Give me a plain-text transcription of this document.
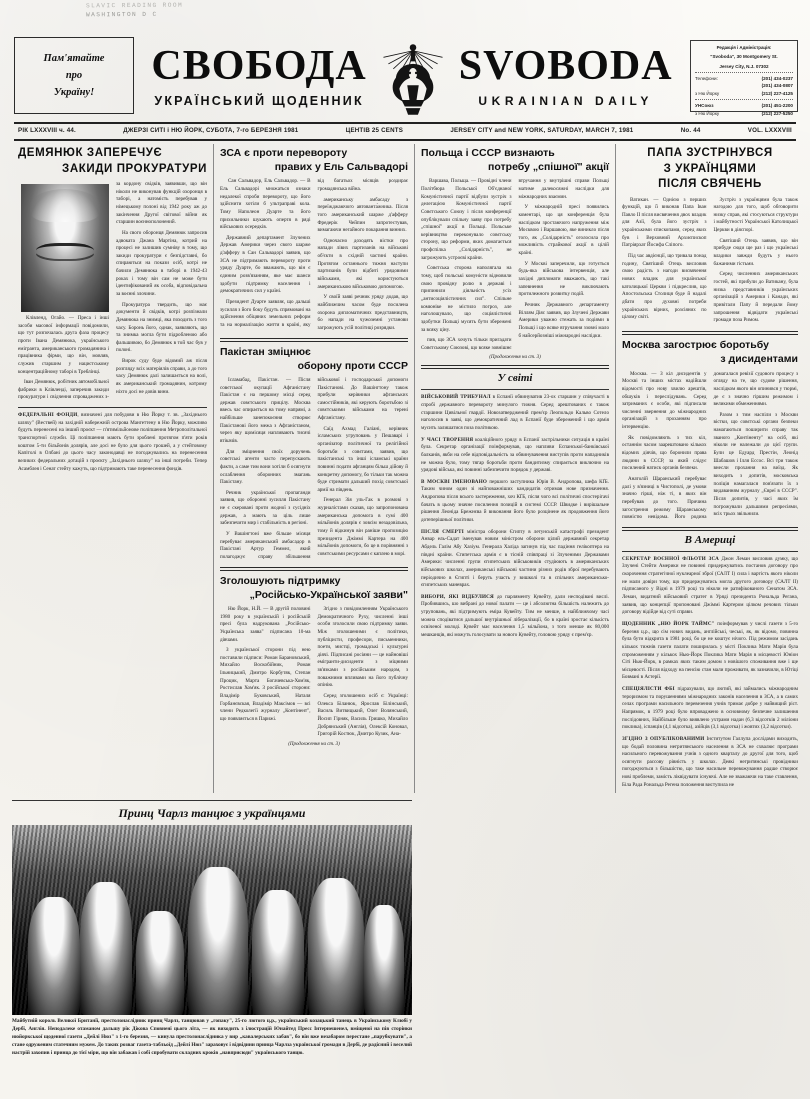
SLAVIC READING ROOM
WASHINGTON D C
Пам'ятайте
про
Україну!
СВОБОДА
УКРАЇНСЬКИЙ ЩОДЕННИК
SVOBODA
UKRAINIAN DAILY
Редакція і Адміністрація:
"Svoboda", 30 Montgomery St.
Jersey City, N.J. 07302
Телефони:	(201) 434-0237
(201) 434-0807
з Ню Йорку	(212) 227-4125
УНСоюз	(201) 451-2200
з Ню Йорку	(212) 227-5250
РІК LXXXVIII ч. 44.	ДЖЕРЗІ СИТІ і НЮ ЙОРК, СУБОТА, 7-го БЕРЕЗНЯ 1981	ЦЕНТІВ 25 CENTS	JERSEY CITY and NEW YORK, SATURDAY, MARCH 7, 1981	No. 44	VOL. LXXXVIII
ДЕМЯНЮК ЗАПЕРЕЧУЄ
ЗАКИДИ ПРОКУРАТУРИ

Клівленд, Огайо. — Преса і інші засоби масової інформації повідомили, що тут розпочалась друга фаза процесу проти Івана Демянюка, українського емігранта, американського громадянина і працівника фірми, що він, мовляв, служив старшим у нацистському концентраційному таборі в Треблінці.

Іван Демянюк, робітник автомобільної фабрики в Клівленді, заперечив закиди прокуратури і свідчення спроваджених з-за кордону свідків, заявивши, що він ніколи не виконував функцій охоронця в таборі, а натомість перебував у німецькому полоні від 1942 року аж до закінчення Другої світової війни як старшин воєннополонений.

На свого оборонця Демянюк запросив адвоката Джана Мартіна, котрий на процесі не залишив сумніву в тому, що закиди прокуратури є безпідставні, бо спираються на покази осіб, котрі не бачили Демянюка в таборі в 1942-43 роках і тому він сам не може бути ідентифікований як особа, відповідальна за воєнні злочини.

Прокуратура твердить, що має документи й свідків, котрі розпізнали Демянюка на знимці, яка походить з того часу. Боронь його, однак, заявляють, що та знимка могла бути підробленою або фальшивою, бо Демянюк в той час був у полоні.

Вирок суду буде відомий аж після розгляду всіх матеріялів справи, а до того часу Демянюк далі залишається на волі, як американський громадянин, котрому ніхто досі не довів вини.

ФЕДЕРАЛЬНІ ФОНДИ, визначені для побудови в Ню Йорку т. зв. „Західнього шляху" (Вествей) на західній набережній острова Мангеттену в Ню Йорку, можливо будуть перенесені на інший проєкт — п'ятимільйонове поліпшення Метрополітальної транспортної служби. Ці поліпшення мають бути зроблені протягом п'яти років коштом 5-ти більйонів долярів, але досі не було для цього грошей, а у стейтовому Капітолі в Олбані до цього часу законодавці не погоджувались на перенесення великих федеральних дотацій з проєкту „Західнього шляху" на інші потреби. Тепер Асамблея і Сенат стейту кажуть, що підтримають таке перенесення фондів.
ЗСА є проти перевороту
правих у Ель Сальвадорі

Сан Сальвадор, Ель Сальвадор. — В Ель Сальвадорі множаться ознаки недалекої спроби перевороту, що його здійснити хотіли б ультраправі кола. Тому Наполеон Дуарте та його прихильники шукають опертя в ряді військових осередків.

Державний департамент Злучених Держав Америки через свого шарже д'афферу в Сан Сальвадорі заявив, що ЗСА не підтримають перевороту проти уряду Дуарте, бо вважають, що він є єдиним розв'язанням, яке має шанси здобути підтримку населення і демократичних сил у країні.

Президент Дуарте заявляє, що дальші зусилля з його боку будуть спрямовані на здійснення обіцяних земельних реформ та на нормалізацію життя в країні, яку від багатьох місяців роздирає громадянська війна.

американську амбасаду з переїжджаючого автованта́жника. Після того американський шарже д'афферу Фредерік Чейпин запротестував, вимагаючи негайного покарання винних.

Одночасно доходять вістки про напади лівих партизанів на військові об'єкти в східній частині країни. Протягом останнього тижня наступи партизанів були відбиті урядовими військами, які користуються американською військовою допомогою.

У своїй заяві речник уряду додав, що найближчим часом буде посилена охорона дипломатичних представництв, бо напади на чужоземні установи загрожують усій політиці розрядки.

Пакістан зміцнює
оборону проти СССР

Ісламабад, Пакістан. — Після совєтської окупації Афганістану Пакістан є на першому місці серед держав совєтського прицілу. Москва ввесь час опирається на тому напрямі, а найбільше занепокоєння створює Пакістанові його межа з Афганістаном, через яку щомісяця напливають тисячі втікачів.

Для зміцнення своїх доручень совєтські агенти часто перепускають факти, а саме тим вони хотіли б осягнути ослаблення оборонних змагань Пакістану.

Речник української пропаганди заявив, що оборонні зусилля Пакістану не є скеровані проти жодної з сусідніх держав, а мають за ціль лише забезпечити мир і стабільність в регіоні.

У Вашінгтоні вже більше місяця перебуває американський амбасадор в Пакістані Артур Геммел, який полагоджує справу збільшення військової і господарської допомоги Пакістанові. До Вашінгтону також прибули керівники афганських самостійників, які керують боротьбою зі совєтськими військами на терені Афганістану.

Саїд Ахмад Галіані, керівник ісламських угруповань у Пешаварі і організатор політичної та релігійної боротьби з совєтами, заявив, що пакістанські та інші ісламські країни повинні подати афганцям більш дійову й конкретну допомогу, бо тільки так можна буде стримати дальший похід совєтської армії на південь.

Генерал Зія уль-Гак в розмові з журналістами сказав, що запропонована американська допомога в сумі 400 мільйонів долярів є зовсім незадовільна, тому й відкинув він раніше пропозицію президента Джіммі Картера на 400 мільйонів допомоги, бо це в порівнянні з совєтськими ресурсами є каплею в морі.

Зголошують підтримку
„Російсько-Української заяви"

Ню Йорк, Н.Й. — В другій половині 1980 року в українській і російській пресі була надрукована „Російсько-Українська заява" підписана 10-ма дівчами.

З української сторони під нею поставили підписи: Роман Барановський, Михайло Воскобійник, Роман Ільницький, Дмитро Корбутяк, Степан Процик, Марта Богачевська-Хом'як, Ростислав Хом'як. З російської сторони: Владімір Буковський, Наталя Горбанєвская, Владімір Максімов — всі члени Редколегії журналу „Контінент", що появляється в Парижі.

Згідно з повідомленням Українського Демократичного Руху, численні інші особи зголосили свою підтримку заяви. Між зголошеними є політики, публіцисти, професори, письменники, поети, мистці, громадські і культурні діячі. Підписані росіяни — це найновіші емігранти-дисиденти з міцними зв'язками з російським народом, з поважними впливами на його публічну опінію.

Серед зголошених осіб є: Українці: Олекса Біланюк, Ярослав Білінський, Василь Витвицький, Олег Волянський, Йосип Гірняк, Василь Гришко, Михайло Добрянський (Англія), Олексій Коновал, Григорій Костюк, Дмитро Кузик, Ана-

(Продовження на ст. 3)
Польща і СССР визнають
потребу „спішної" акції

Варшава, Польща. — Провідні члени Політбюра Польської Об'єднаної Комуністичної партії відбули зустріч з делегацією Комуністичної партії Совєтського Союзу і після конференції опублікували спільну заяву про потребу „спішної" акції в Польщі. Польське керівництво переконувало совєтську сторону, що реформи, яких домагається профспілка „Солідарність", не загрожують устроєві країни.

Совєтська сторона наполягала на тому, щоб польські комуністи відновили свою провідну ролю в державі і припинили діяльність усіх „антисоціялістичних сил". Спільне комюніке не містило погроз, але наголошувало, що соціялістичні здобутки Польщі мусять бути збережені за всяку ціну.

пив, що ЗСА хочуть тільки пригадати Совєтському Союзові, що всяке зовнішнє втручання у внутрішні справи Польщі матиме далекосяжні наслідки для міжнародних взаємин.

У міжнародній пресі появились коментарі, що ця конференція була наслідком зростаючого напруження між Москвою і Варшавою, яке виникло після того, як „Солідарність" оголосила про можливість страйкової акції в цілій країні.

У Москві заперечили, що готується будь-яка військова інтервенція, але західні дипломати вважають, що такі запевнення не виключають протилежного розвитку подій.

Речник Державного департаменту Віллям Діяс заявив, що Злучені Держави Америки уважно стежать за подіями в Польщі і що всяке втручання ззовні мало б найсерйозніші міжнародні наслідки.

(Продовження на ст. 3)
У світі
ВІЙСЬКОВИЙ ТРИБУНАЛ в Еспанії обвинуватив 23-ох старшин у співучасті в спробі державного перевороту минулого тижня. Серед арештованих є також старшини Цивільної гвардії. Новозатверджений прем'єр Леопольдо Кальво Сотело наголосив в заяві, що демократичний лад в Еспанії буде збережений і що армія мусить залишатися поза політикою.
У ЧАСІ ТВОРЕННЯ коаліційного уряду в Еспанії застрільники ситуація в країні була. Секретар організації поінформував, що напливи Еспанської-банківської балканів, якби на себе відповідальність за обвинувачення виступів проти нападників не можна було, тому тягар боротьби проти бандитизму спирається виключно на урядові війська, які повинні забезпечити порядок у державі.
В МОСКВІ ІМЕНОВАНО першого заступника Юрія В. Андропова, шефа КҐБ. Таким чином один зі найповажніших кандидатів отримав нове призначення. Андропова після всього застереження, хоч КҐБ, після чого всі політичні спостерігачі бачать в цьому значне посилення позицій в системі СССР. Швидке і вирішальне рішення Леоніда Брежнєва й виконання його було розцінене як продовження його дотеперішньої політики.
ПІСЛЯ СМЕРТІ міністра оборони Єгипту в летунській катастрофі президент Анвар ель-Садат іменував новим міністром оборони цілий державний секретар Абдель Галім Абу Хазіум. Генерала Халіда загинув під час падіння гелікоптера на півдні країни. Єгипетська армія є в тісній співпраці зі Злученими Державами Америки: численні групи єгипетських військовиків студіюють в американських військових школах, американські військові частини різних родів зброї перебувають періодично в Єгипті і беруть участь у вишколі та в спільних американсько-єгипетських маневрах.
ВИБОРИ, ЯКІ ВІДБУЛИСЯ до парляменту Кувейту, дали несподівані вислі. Пробившись, шо вибрані до нової палати — це і абсолютна більшість належить до угруповань, які підтримують еміра Кувейту. Тим не менше, в найближчому часі можна сподіватися дальшої внутрішньої лібералізації, бо в країні зростає кількість освіченої молоді. Кувейт має населення 1,5 мільйона, з того менше як 80,000 мешканців, які можуть голосувати за нового Кувейту, головою уряду є прем'єр.
ПАПА ЗУСТРІНУВСЯ
З УКРАЇНЦЯМИ
ПІСЛЯ СВЯЧЕНЬ

Ватикан. — Однією з перших функцій, що її виконав Папа Іван Павло ІІ після висвячення двох владик для Азії, була його зустріч з українськими єпископами, серед яких був і Верховний Архиєпископ Патріярхат Йосифа Сліпого.

Під час авдієнції, що тривала понад годину, Святіший Отець висловив свою радість з нагоди висвячення нових владик для української католицької Церкви і підкреслив, що Апостольська Столиця буде й надалі дбати про духовні потреби українських вірних, розсіяних по цілому світі.

Зустріч з українцями була також нагодою для того, щоб обговорити низку справ, які стосуються структури і майбутності Української Католицької Церкви в діяспорі.

Святіший Отець заявив, що він прибуде сюди ще раз і що українські владики завжди будуть у нього бажаними гістьми.

Серед численних американських гостей, які прибули до Ватикану, була низка представників українських організацій з Америки і Канади, які привітали Папу й передали йому запрошення відвідати українські громади поза Римом.

Москва загострює боротьбу
з дисидентами

Москва. — З кіл дисидентів у Москві та інших містах надійшли відомості про нову хвилю арештів, обшуків і переслідувань. Серед затриманих є особи, які підписали численні звернення до міжнародних організацій з проханням про інтервенцію.

Як повідомляють з тих кіл, останнім часом заарештовано кількох відомих діячів, що боронили права людини в СССР, за який слідує посилений натиск органів безпеки.

Анатолій Щаранський перебуває далі у в'язниці в Чистополі, де умови значно гірші, ніж ті, в яких він перебував до того. Причина загострення режиму Щаранському повністю невідома. Його родина домагалася ревізії судового процесу з огляду на те, що судове рішення, наслідком якого він опинився у тюрмі, де є з значно гіршим режимом і великими обмеженнями.

Разом з тим наспіли з Москви вістки, що совєтські органи безпеки намагаються поширити справу так званого „Контіненту" на осіб, які ніколи не належали до цієї групи. Були це Едуард Престін, Леонід Шабашов і Ілля Ессос. Всі три також внесли прохання на виїзд. Як виходить з допитів, московська поліція намагалася пов'язати їх з видаванням журналу „Євреї в СССР". Після допитів, у часі яких їм погрожували дальшими репресіями, всіх трьох звільнили.

В Америці
СЕКРЕТАР ВОЄННОЇ ФЛЬОТИ ЗСА Джон Леман висловив думку, що Злучені Стейти Америки не повинні придержуватись постанов договору про скорочення стратегічної нуклеарної зброї (САЛТ І) сила і вартість якого ніколи не мали довіри тому, що придержуватись могла другого договору (САЛТ ІІ) підписаного у Відні в 1979 році та ніколи не ратифікованого Сенатом ЗСА. Леман, видатний військовий стратег в Уряді президента Рональда Регана, заявив, що концепції пропоновані Джіммі Картером цілком речових тільки договору відійде від суті справи.
ЩОДЕННИК „НЮ ЙОРК ТАЙМС" поінформував у числі газети з 5-го березня ц.р., що сім нових видань, англійські, чеські, як, як відомо, повинна була бути відкрита в 1981 році, бо це не коштує нічого. Під режимом засідань кількох тижнів газети палати поширилась у місті Поклика Мати Марія була спроможенням у кількох Нью-Йорк Поклика Мати Марія в місцевості Юніон Сіті Нью-Йорк, в рамках яких таким домом з новішого споживання вже і ще місцевості. Після відходу на пенсію стан мали проживати, як зазначили, в Ютіці Бовмані в Астерії.
СПЕЦІЯЛІСТИ ФБІ підрахували, що лютий, які займались міжнародним тероризмом та порушеннями міжнародних законів населення в ЗСА, а в самих селах програми насильного перевезення учнів тримає добре у найвищий ріст. Напрямок, в 1979 році було впроваджено в основному безпечне залишення послідовних, Найбільше було виявлено ухтрами надан (6,3 відсотків 2 міліони поклика), іспанців (4,1 відсотка), азійців (3,1 відсотка) і жовтих (3,2 відсотки).
ЗГІДНО З ОПУБЛІКОВАНИМИ Інститутом Галлупа дослідами виходить, що бодай половина негритянського населення в ЗСА не схвалює програми насильного перевожування учнів з одного кварталу до другої для того, щоб осягнути рассову рівність у школах. Деякі негритянські провідники погоджуються з більшістю, що таке насильне перевожування радше створює нові проблеми, замість ліквідувати існуючі. Але не зважаючи на таке ставлення, Біла Рада Рональда Регена положення виступила не
Принц Чарлз танцює з українцями
Майбутній король Великої Британії, престолонаслідник принц Чарлз, танцював у „гопаку", 25-го лютого ц.р., український козацький танець в Українському Клюбі у Дербі, Англія. Неподалеке отаманом дальшу рік Дікова Сповнені цього літа, — як виходить з ілюстрацій Юнайтед Пресс Інтернешенел, вміщеної на пів сторінки нюйоркської щоденної газети „Дейлі Нюз" з 1-го березня, — кинула престолонаслідника у вир „кавалерських забав", бо він вже незабаром перестане „парубкувати", а стане одруженим статечним мужем. До таких розваг газета-табльоїд „Дейлі Нюз" зараховує і відвідини принца Чарлза української громади в Дербі, де радісний і веселий настрій захопив і принца до тієї міри, що він забажав і собі спробувати складних кроків „навприсюди" українського танцю.
